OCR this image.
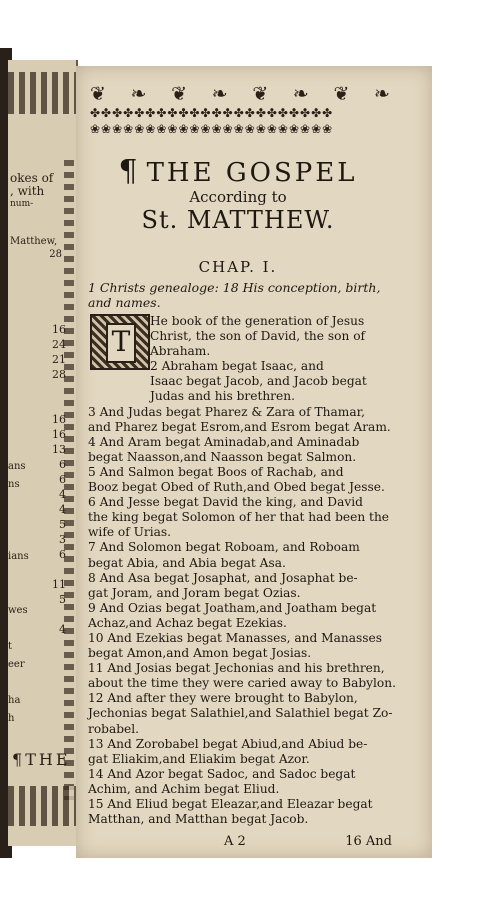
okes of
, with
num-
Matthew,
28
16
24
21
28

16
16
13
6
6
4
4
5
3
6

11
5

4
ans
ns

ians

wes

t
eer

ha
h
¶THE
❦ ❧ ❦ ❧ ❦ ❧ ❦ ❧
✤✤✤✤✤✤✤✤✤✤✤✤✤✤✤✤✤✤✤✤✤✤
❀❀❀❀❀❀❀❀❀❀❀❀❀❀❀❀❀❀❀❀❀❀
¶ THE GOSPEL
According to
St. MATTHEW.
CHAP. I.
1 Christs genealoge: 18 His conception, birth, and names.
T
He book of the generation of Jesus
Christ, the son of David, the son of
Abraham.
2 Abraham begat Isaac, and
Isaac begat Jacob, and Jacob begat
Judas and his brethren.
3 And Judas begat Pharez & Zara of Thamar,
and Pharez begat Esrom,and Esrom begat Aram.
4 And Aram begat Aminadab,and Aminadab
begat Naasson,and Naasson begat Salmon.
5 And Salmon begat Boos of Rachab, and
Booz begat Obed of Ruth,and Obed begat Jesse.
6 And Jesse begat David the king, and David
the king begat Solomon of her that had been the
wife of Urias.
7 And Solomon begat Roboam, and Roboam
begat Abia, and Abia begat Asa.
8 And Asa begat Josaphat, and Josaphat be-
gat Joram, and Joram begat Ozias.
9 And Ozias begat Joatham,and Joatham begat
Achaz,and Achaz begat Ezekias.
10 And Ezekias begat Manasses, and Manasses
begat Amon,and Amon begat Josias.
11 And Josias begat Jechonias and his brethren,
about the time they were caried away to Babylon.
12 And after they were brought to Babylon,
Jechonias begat Salathiel,and Salathiel begat Zo-
robabel.
13 And Zorobabel begat Abiud,and Abiud be-
gat Eliakim,and Eliakim begat Azor.
14 And Azor begat Sadoc, and Sadoc begat
Achim, and Achim begat Eliud.
15 And Eliud begat Eleazar,and Eleazar begat
Matthan, and Matthan begat Jacob.
A 2	16 And
